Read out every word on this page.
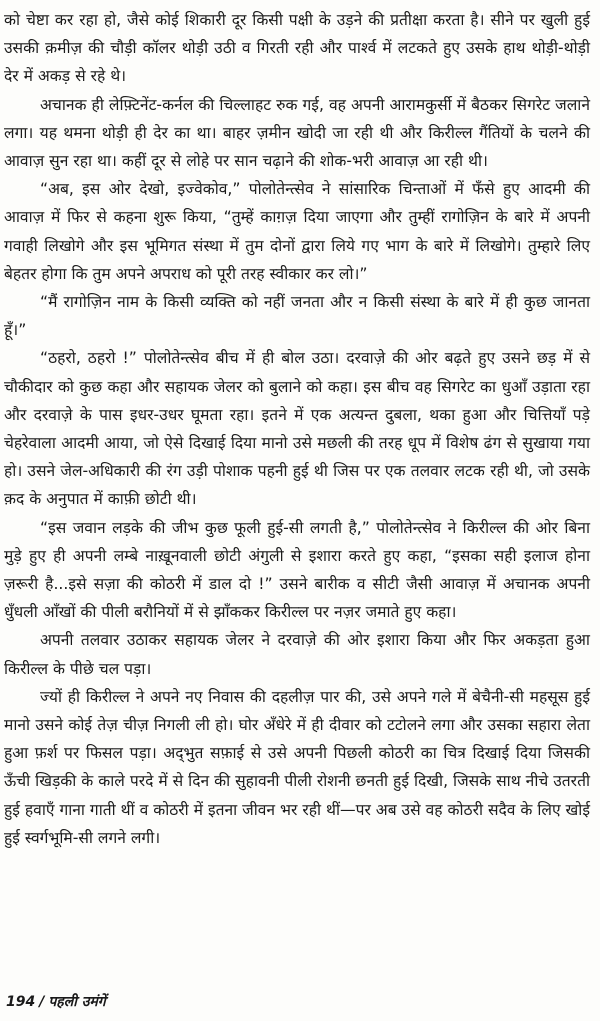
को चेष्टा कर रहा हो, जैसे कोई शिकारी दूर किसी पक्षी के उड़ने की प्रतीक्षा करता है। सीने पर खुली हुई उसकी क़मीज़ की चौड़ी कॉलर थोड़ी उठी व गिरती रही और पार्श्व में लटकते हुए उसके हाथ थोड़ी-थोड़ी देर में अकड़ से रहे थे।

अचानक ही लेफ़्टिनेंट-कर्नल की चिल्लाहट रुक गई, वह अपनी आरामकुर्सी में बैठकर सिगरेट जलाने लगा। यह थमना थोड़ी ही देर का था। बाहर ज़मीन खोदी जा रही थी और किरील्ल गैंतियों के चलने की आवाज़ सुन रहा था। कहीं दूर से लोहे पर सान चढ़ाने की शोक-भरी आवाज़ आ रही थी।

“अब, इस ओर देखो, इज्वेकोव,” पोलोतेन्त्सेव ने सांसारिक चिन्ताओं में फँसे हुए आदमी की आवाज़ में फिर से कहना शुरू किया, “तुम्हें काग़ज़ दिया जाएगा और तुम्हीं रागोज़िन के बारे में अपनी गवाही लिखोगे और इस भूमिगत संस्था में तुम दोनों द्वारा लिये गए भाग के बारे में लिखोगे। तुम्हारे लिए बेहतर होगा कि तुम अपने अपराध को पूरी तरह स्वीकार कर लो।”

“मैं रागोज़िन नाम के किसी व्यक्ति को नहीं जनता और न किसी संस्था के बारे में ही कुछ जानता हूँ।”

“ठहरो, ठहरो !” पोलोतेन्त्सेव बीच में ही बोल उठा। दरवाज़े की ओर बढ़ते हुए उसने छड़ में से चौकीदार को कुछ कहा और सहायक जेलर को बुलाने को कहा। इस बीच वह सिगरेट का धुआँ उड़ाता रहा और दरवाज़े के पास इधर-उधर घूमता रहा। इतने में एक अत्यन्त दुबला, थका हुआ और चित्तियाँ पड़े चेहरेवाला आदमी आया, जो ऐसे दिखाई दिया मानो उसे मछली की तरह धूप में विशेष ढंग से सुखाया गया हो। उसने जेल-अधिकारी की रंग उड़ी पोशाक पहनी हुई थी जिस पर एक तलवार लटक रही थी, जो उसके क़द के अनुपात में काफ़ी छोटी थी।

“इस जवान लड़के की जीभ कुछ फूली हुई-सी लगती है,” पोलोतेन्त्सेव ने किरील्ल की ओर बिना मुड़े हुए ही अपनी लम्बे नाख़ूनवाली छोटी अंगुली से इशारा करते हुए कहा, “इसका सही इलाज होना ज़रूरी है...इसे सज़ा की कोठरी में डाल दो !” उसने बारीक व सीटी जैसी आवाज़ में अचानक अपनी धुँधली आँखों की पीली बरौनियों में से झाँककर किरील्ल पर नज़र जमाते हुए कहा।

अपनी तलवार उठाकर सहायक जेलर ने दरवाज़े की ओर इशारा किया और फिर अकड़ता हुआ किरील्ल के पीछे चल पड़ा।

ज्यों ही किरील्ल ने अपने नए निवास की दहलीज़ पार की, उसे अपने गले में बेचैनी-सी महसूस हुई मानो उसने कोई तेज़ चीज़ निगली ली हो। घोर अँधेरे में ही दीवार को टटोलने लगा और उसका सहारा लेता हुआ फ़र्श पर फिसल पड़ा। अद्‌भुत सफ़ाई से उसे अपनी पिछली कोठरी का चित्र दिखाई दिया जिसकी ऊँची खिड़की के काले परदे में से दिन की सुहावनी पीली रोशनी छनती हुई दिखी, जिसके साथ नीचे उतरती हुई हवाएँ गाना गाती थीं व कोठरी में इतना जीवन भर रही थीं—पर अब उसे वह कोठरी सदैव के लिए खोई हुई स्वर्गभूमि-सी लगने लगी।

194 / पहली उमंगें
